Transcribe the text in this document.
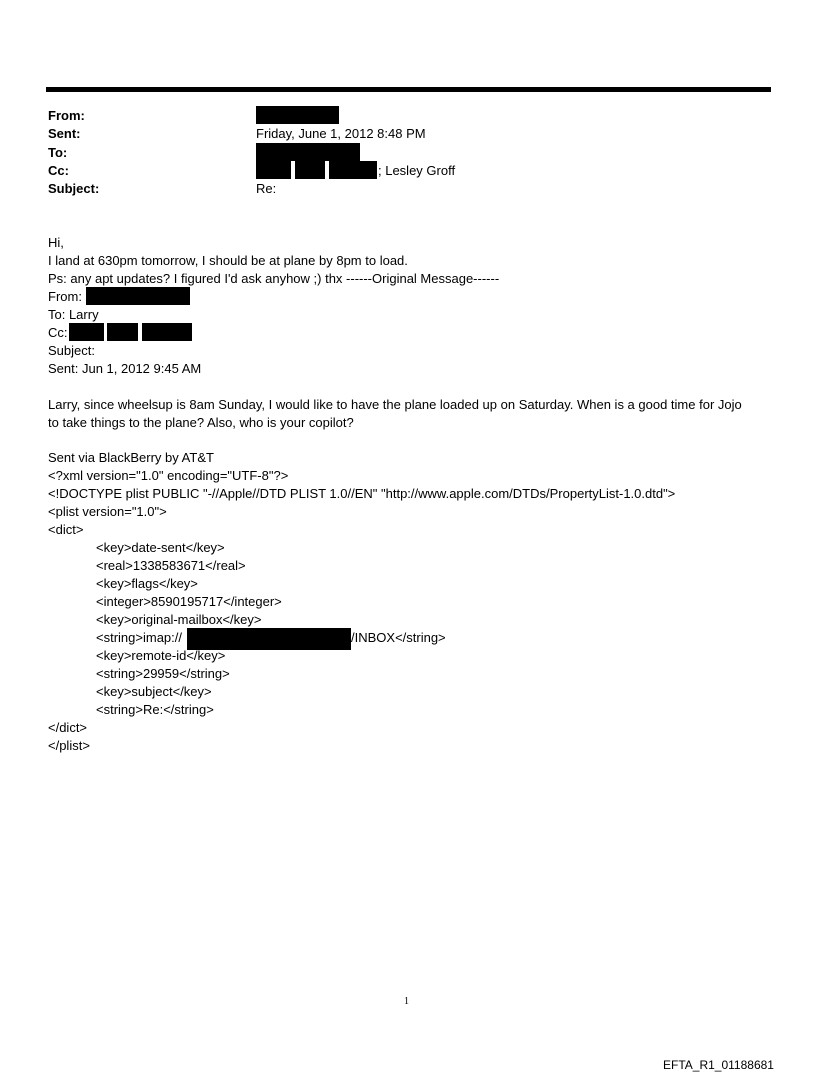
From:
Sent:	Friday, June 1, 2012 8:48 PM
To:
Cc:	; Lesley Groff
Subject:	Re:
Hi,
I land at 630pm tomorrow, I should be at plane by 8pm to load.
Ps: any apt updates? I figured I'd ask anyhow ;) thx ------Original Message------
From:
To: Larry
Cc:
Subject:
Sent: Jun 1, 2012 9:45 AM
Larry, since wheelsup is 8am Sunday, I would like to have the plane loaded up on Saturday. When is a good time for Jojo
to take things to the plane? Also, who is your copilot?
Sent via BlackBerry by AT&T
<?xml version="1.0" encoding="UTF-8"?>
<!DOCTYPE plist PUBLIC "-//Apple//DTD PLIST 1.0//EN" "http://www.apple.com/DTDs/PropertyList-1.0.dtd">
<plist version="1.0">
<dict>
<key>date-sent</key>
<real>1338583671</real>
<key>flags</key>
<integer>8590195717</integer>
<key>original-mailbox</key>
<string>imap://	/INBOX</string>
<key>remote-id</key>
<string>29959</string>
<key>subject</key>
<string>Re:</string>
</dict>
</plist>
1
EFTA_R1_01188681
